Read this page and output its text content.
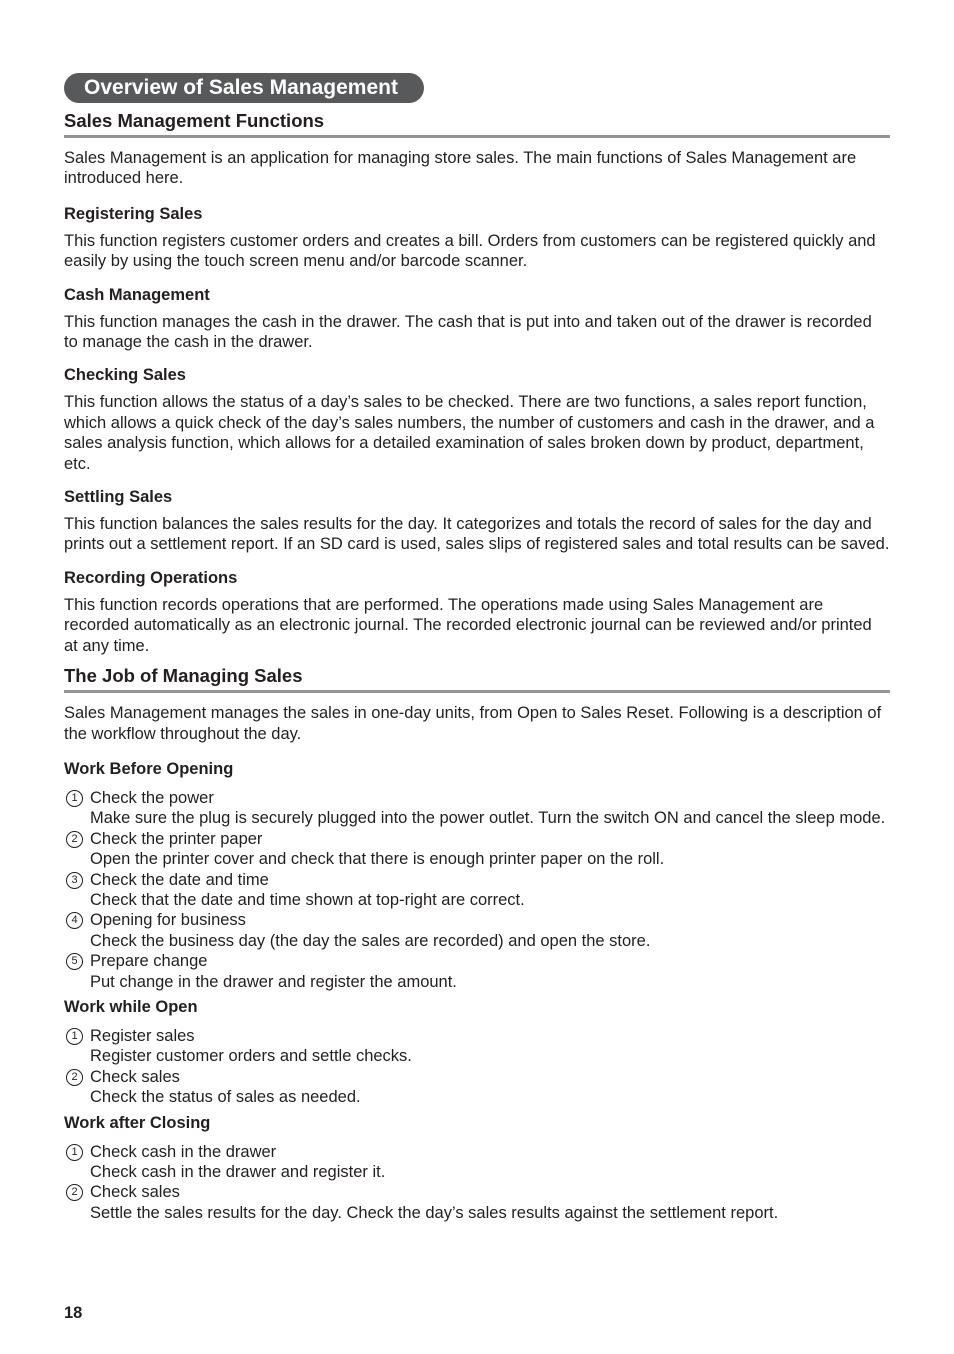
Overview of Sales Management
Sales Management Functions

Sales Management is an application for managing store sales. The main functions of Sales Management are introduced here.

Registering Sales

This function registers customer orders and creates a bill. Orders from customers can be registered quickly and easily by using the touch screen menu and/or barcode scanner.

Cash Management

This function manages the cash in the drawer. The cash that is put into and taken out of the drawer is recorded to manage the cash in the drawer.

Checking Sales

This function allows the status of a day’s sales to be checked. There are two functions, a sales report function, which allows a quick check of the day’s sales numbers, the number of customers and cash in the drawer, and a sales analysis function, which allows for a detailed examination of sales broken down by product, department, etc.

Settling Sales

This function balances the sales results for the day. It categorizes and totals the record of sales for the day and prints out a settlement report. If an SD card is used, sales slips of registered sales and total results can be saved.

Recording Operations

This function records operations that are performed. The operations made using Sales Management are recorded automatically as an electronic journal. The recorded electronic journal can be reviewed and/or printed at any time.

The Job of Managing Sales

Sales Management manages the sales in one-day units, from Open to Sales Reset. Following is a description of the workflow throughout the day.

Work Before Opening
1 Check the power
Make sure the plug is securely plugged into the power outlet. Turn the switch ON and cancel the sleep mode.
2 Check the printer paper
Open the printer cover and check that there is enough printer paper on the roll.
3 Check the date and time
Check that the date and time shown at top-right are correct.
4 Opening for business
Check the business day (the day the sales are recorded) and open the store.
5 Prepare change
Put change in the drawer and register the amount.
Work while Open
1 Register sales
Register customer orders and settle checks.
2 Check sales
Check the status of sales as needed.
Work after Closing
1 Check cash in the drawer
Check cash in the drawer and register it.
2 Check sales
Settle the sales results for the day. Check the day’s sales results against the settlement report.
18
